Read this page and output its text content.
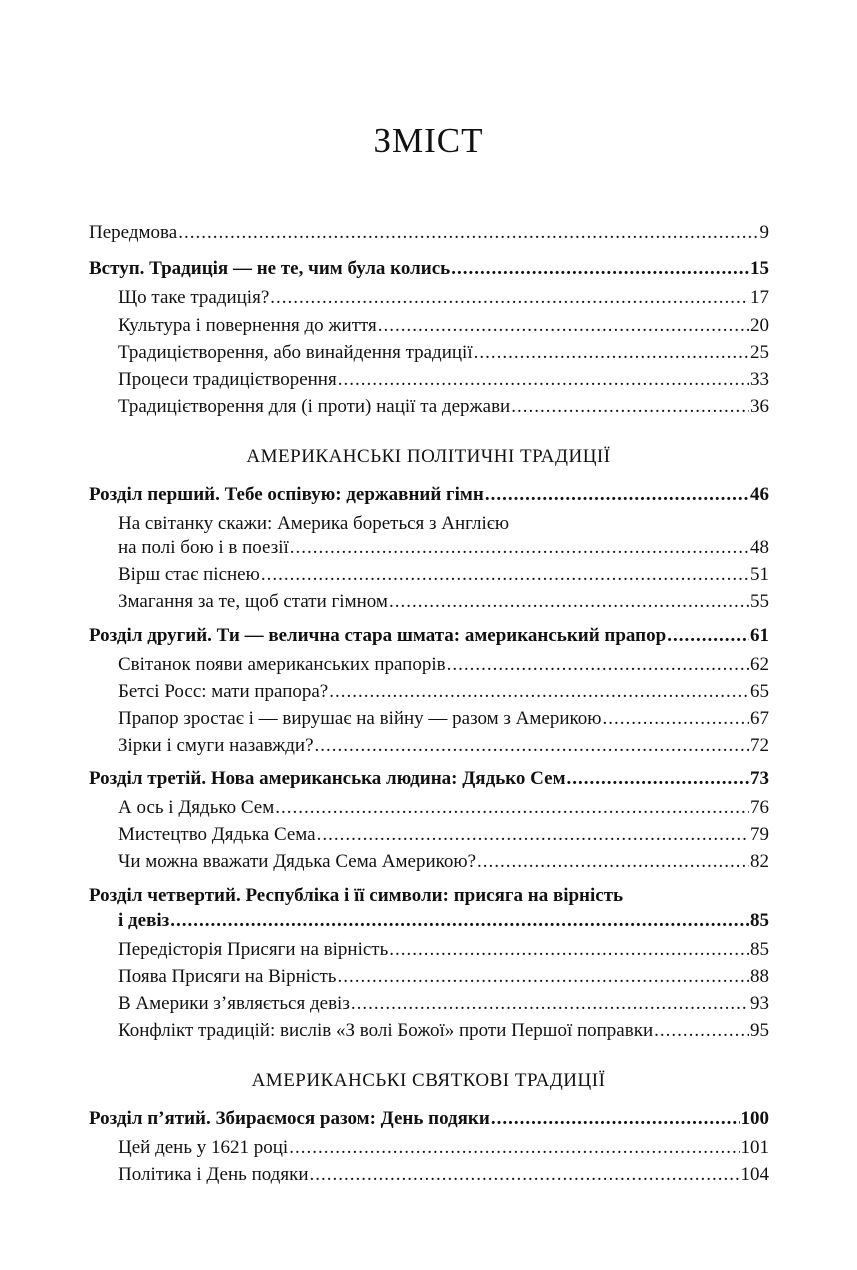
ЗМІСТ
Передмова .....	9
Вступ. Традиція — не те, чим була колись .....	15
Що таке традиція? .....	17
Культура і повернення до життя .....	20
Традицієтворення, або винайдення традиції .....	25
Процеси традицієтворення .....	33
Традицієтворення для (і проти) нації та держави .....	36
АМЕРИКАНСЬКІ ПОЛІТИЧНІ ТРАДИЦІЇ
Розділ перший. Тебе оспівую: державний гімн .....	46
На світанку скажи: Америка бореться з Англією
на полі бою і в поезії .....	48
Вірш стає піснею .....	51
Змагання за те, щоб стати гімном .....	55
Розділ другий. Ти — велична стара шмата: американський прапор .....	61
Світанок появи американських прапорів .....	62
Бетсі Росс: мати прапора? .....	65
Прапор зростає і — вирушає на війну — разом з Америкою .....	67
Зірки і смуги назавжди? .....	72
Розділ третій. Нова американська людина: Дядько Сем .....	73
А ось і Дядько Сем .....	76
Мистецтво Дядька Сема .....	79
Чи можна вважати Дядька Сема Америкою? .....	82
Розділ четвертий. Республіка і її символи: присяга на вірність
і девіз .....	85
Передісторія Присяги на вірність .....	85
Поява Присяги на Вірність .....	88
В Америки з’являється девіз .....	93
Конфлікт традицій: вислів «З волі Божої» проти Першої поправки .....	95
АМЕРИКАНСЬКІ СВЯТКОВІ ТРАДИЦІЇ
Розділ п’ятий. Збираємося разом: День подяки .....	100
Цей день у 1621 році .....	101
Політика і День подяки .....	104
